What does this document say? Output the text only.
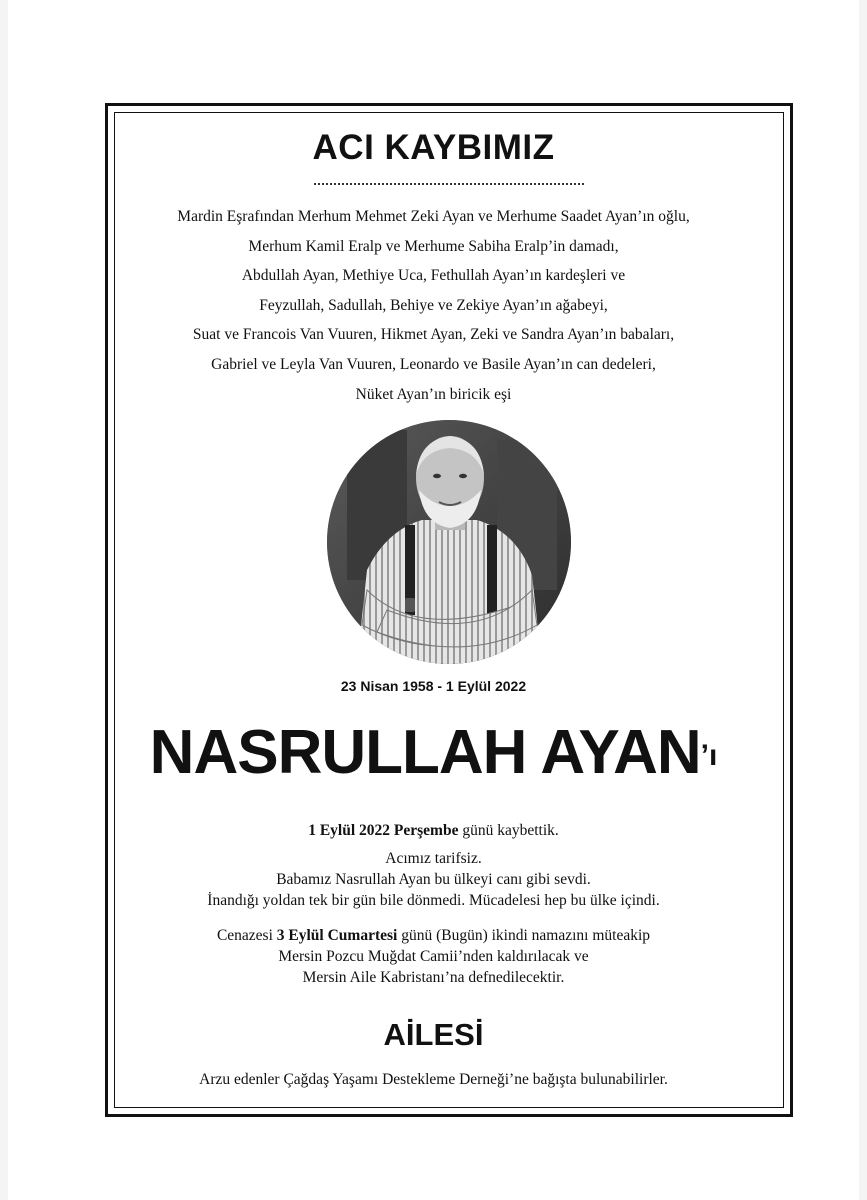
ACI KAYBIMIZ
Mardin Eşrafından Merhum Mehmet Zeki Ayan ve Merhume Saadet Ayan’ın oğlu,
Merhum Kamil Eralp ve Merhume Sabiha Eralp’in damadı,
Abdullah Ayan, Methiye Uca, Fethullah Ayan’ın kardeşleri ve
Feyzullah, Sadullah, Behiye ve Zekiye Ayan’ın ağabeyi,
Suat ve Francois Van Vuuren, Hikmet Ayan, Zeki ve Sandra Ayan’ın babaları,
Gabriel ve Leyla Van Vuuren, Leonardo ve Basile Ayan’ın can dedeleri,
Nüket Ayan’ın biricik eşi
23 Nisan 1958 - 1 Eylül 2022
NASRULLAH AYAN’ı
1 Eylül 2022 Perşembe günü kaybettik.
Acımız tarifsiz.
Babamız Nasrullah Ayan bu ülkeyi canı gibi sevdi.
İnandığı yoldan tek bir gün bile dönmedi. Mücadelesi hep bu ülke içindi.
Cenazesi 3 Eylül Cumartesi günü (Bugün) ikindi namazını müteakip
Mersin Pozcu Muğdat Camii’nden kaldırılacak ve
Mersin Aile Kabristanı’na defnedilecektir.
AİLESİ
Arzu edenler Çağdaş Yaşamı Destekleme Derneği’ne bağışta bulunabilirler.
